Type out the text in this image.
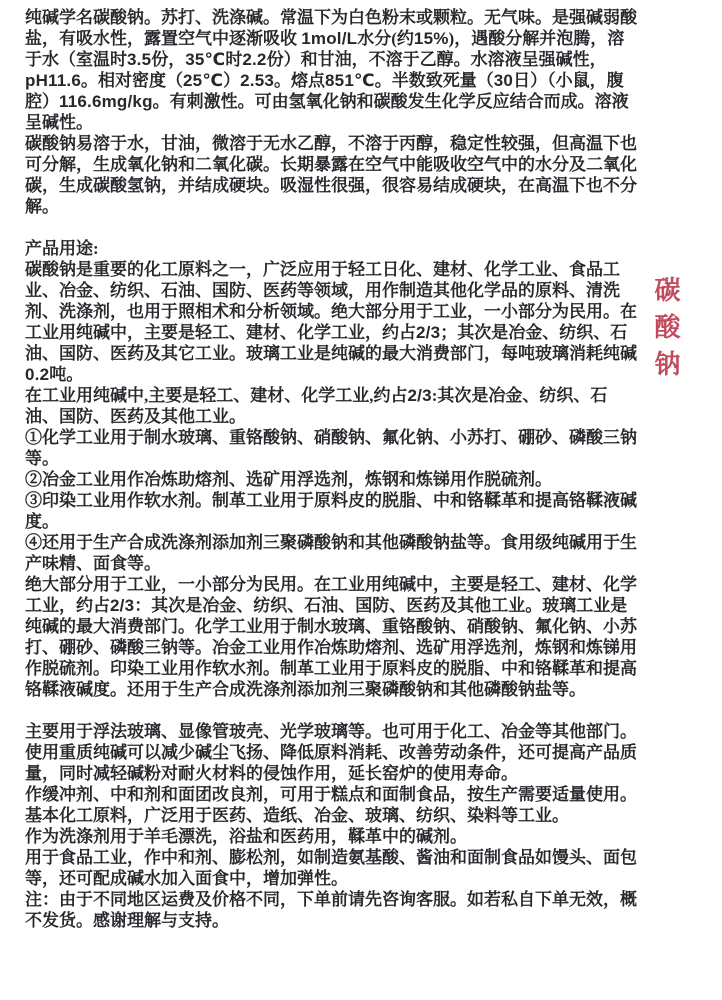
纯碱学名碳酸钠。苏打、洗涤碱。常温下为白色粉末或颗粒。无气味。是强碱弱酸盐，有吸水性，露置空气中逐渐吸收 1mol/L水分(约15%)，遇酸分解并泡腾，溶于水（室温时3.5份，35℃时2.2份）和甘油，不溶于乙醇。水溶液呈强碱性，pH11.6。相对密度（25℃）2.53。熔点851℃。半数致死量（30日）（小鼠，腹腔）116.6mg/kg。有刺激性。可由氢氧化钠和碳酸发生化学反应结合而成。溶液呈碱性。

碳酸钠易溶于水，甘油，微溶于无水乙醇，不溶于丙醇，稳定性较强，但高温下也可分解，生成氧化钠和二氧化碳。长期暴露在空气中能吸收空气中的水分及二氧化碳，生成碳酸氢钠，并结成硬块。吸湿性很强，很容易结成硬块，在高温下也不分解。

产品用途:

碳酸钠是重要的化工原料之一，广泛应用于轻工日化、建材、化学工业、食品工业、冶金、纺织、石油、国防、医药等领域，用作制造其他化学品的原料、清洗剂、洗涤剂，也用于照相术和分析领域。绝大部分用于工业，一小部分为民用。在工业用纯碱中，主要是轻工、建材、化学工业，约占2/3；其次是冶金、纺织、石油、国防、医药及其它工业。玻璃工业是纯碱的最大消费部门，每吨玻璃消耗纯碱0.2吨。

在工业用纯碱中,主要是轻工、建材、化学工业,约占2/3:其次是冶金、纺织、石油、国防、医药及其他工业。

①化学工业用于制水玻璃、重铬酸钠、硝酸钠、氟化钠、小苏打、硼砂、磷酸三钠等。

②冶金工业用作冶炼助熔剂、选矿用浮选剂，炼钢和炼锑用作脱硫剂。

③印染工业用作软水剂。制革工业用于原料皮的脱脂、中和铬鞣革和提高铬鞣液碱度。

④还用于生产合成洗涤剂添加剂三聚磷酸钠和其他磷酸钠盐等。食用级纯碱用于生产味精、面食等。

绝大部分用于工业，一小部分为民用。在工业用纯碱中，主要是轻工、建材、化学工业，约占2/3：其次是冶金、纺织、石油、国防、医药及其他工业。玻璃工业是纯碱的最大消费部门。化学工业用于制水玻璃、重铬酸钠、硝酸钠、氟化钠、小苏打、硼砂、磷酸三钠等。冶金工业用作冶炼助熔剂、选矿用浮选剂，炼钢和炼锑用作脱硫剂。印染工业用作软水剂。制革工业用于原料皮的脱脂、中和铬鞣革和提高铬鞣液碱度。还用于生产合成洗涤剂添加剂三聚磷酸钠和其他磷酸钠盐等。

主要用于浮法玻璃、显像管玻壳、光学玻璃等。也可用于化工、冶金等其他部门。

使用重质纯碱可以减少碱尘飞扬、降低原料消耗、改善劳动条件，还可提高产品质量，同时减轻碱粉对耐火材料的侵蚀作用，延长窑炉的使用寿命。

作缓冲剂、中和剂和面团改良剂，可用于糕点和面制食品，按生产需要适量使用。

基本化工原料，广泛用于医药、造纸、冶金、玻璃、纺织、染料等工业。

作为洗涤剂用于羊毛漂洗，浴盐和医药用，鞣革中的碱剂。

用于食品工业，作中和剂、膨松剂，如制造氨基酸、酱油和面制食品如馒头、面包等，还可配成碱水加入面食中，增加弹性。

注：由于不同地区运费及价格不同，下单前请先咨询客服。如若私自下单无效，概不发货。感谢理解与支持。

碳酸钠
